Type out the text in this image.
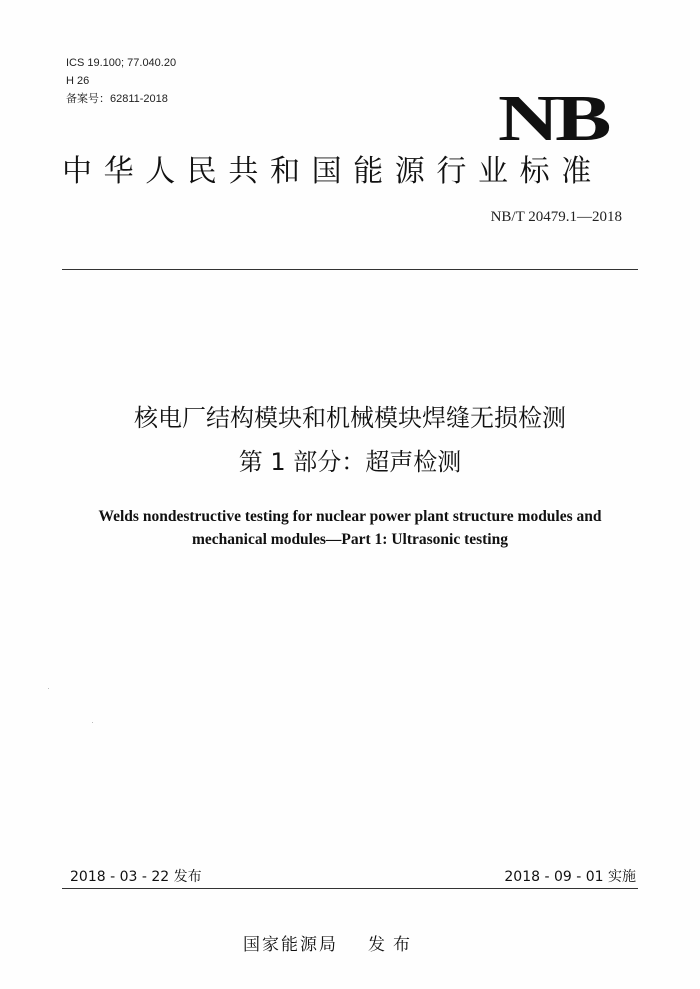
ICS 19.100; 77.040.20
H 26
备案号：62811-2018	NB
中华人民共和国能源行业标准
NB/T 20479.1—2018
核电厂结构模块和机械模块焊缝无损检测
第 1 部分：超声检测
Welds nondestructive testing for nuclear power plant structure modules and
mechanical modules—Part 1: Ultrasonic testing
2018 - 03 - 22 发布	2018 - 09 - 01 实施
国家能源局 发布
